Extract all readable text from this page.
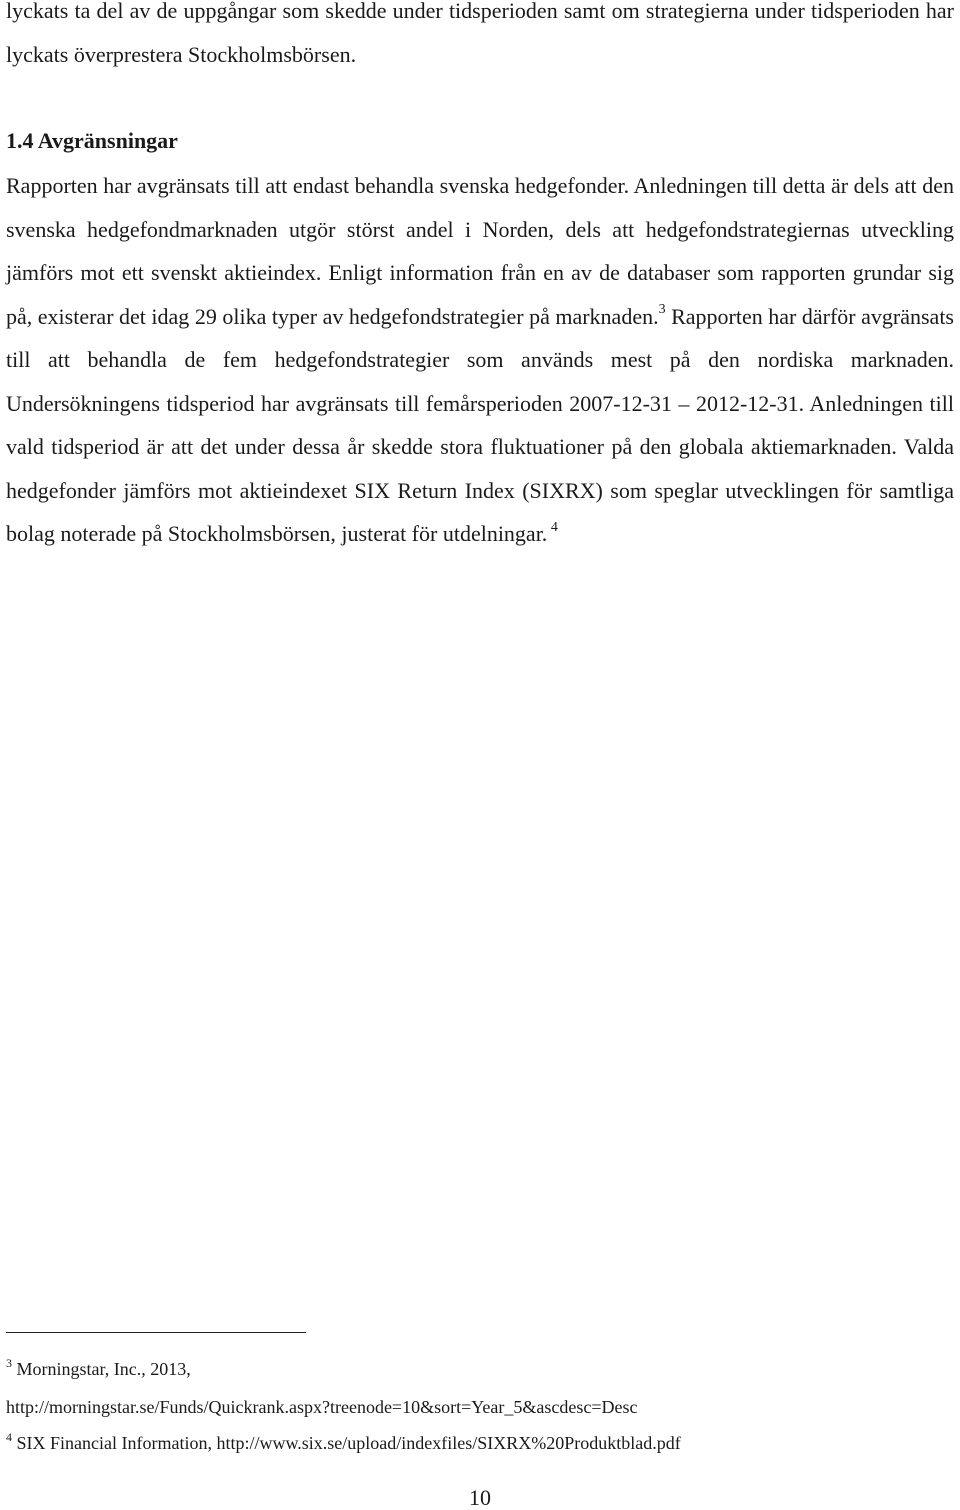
lyckats ta del av de uppgångar som skedde under tidsperioden samt om strategierna under tidsperioden har lyckats överprestera Stockholmsbörsen.

1.4 Avgränsningar

Rapporten har avgränsats till att endast behandla svenska hedgefonder. Anledningen till detta är dels att den svenska hedgefondmarknaden utgör störst andel i Norden, dels att hedgefondstrategiernas utveckling jämförs mot ett svenskt aktieindex. Enligt information från en av de databaser som rapporten grundar sig på, existerar det idag 29 olika typer av hedgefondstrategier på marknaden.$^3$ Rapporten har därför avgränsats till att behandla de fem hedgefondstrategier som används mest på den nordiska marknaden. Undersökningens tidsperiod har avgränsats till femårsperioden 2007-12-31 – 2012-12-31. Anledningen till vald tidsperiod är att det under dessa år skedde stora fluktuationer på den globala aktiemarknaden. Valda hedgefonder jämförs mot aktieindexet SIX Return Index (SIXRX) som speglar utvecklingen för samtliga bolag noterade på Stockholmsbörsen, justerat för utdelningar. $^4$

$^3$ Morningstar, Inc., 2013,

http://morningstar.se/Funds/Quickrank.aspx?treenode=10&sort=Year_5&ascdesc=Desc

$^4$ SIX Financial Information, http://www.six.se/upload/indexfiles/SIXRX%20Produktblad.pdf

10
